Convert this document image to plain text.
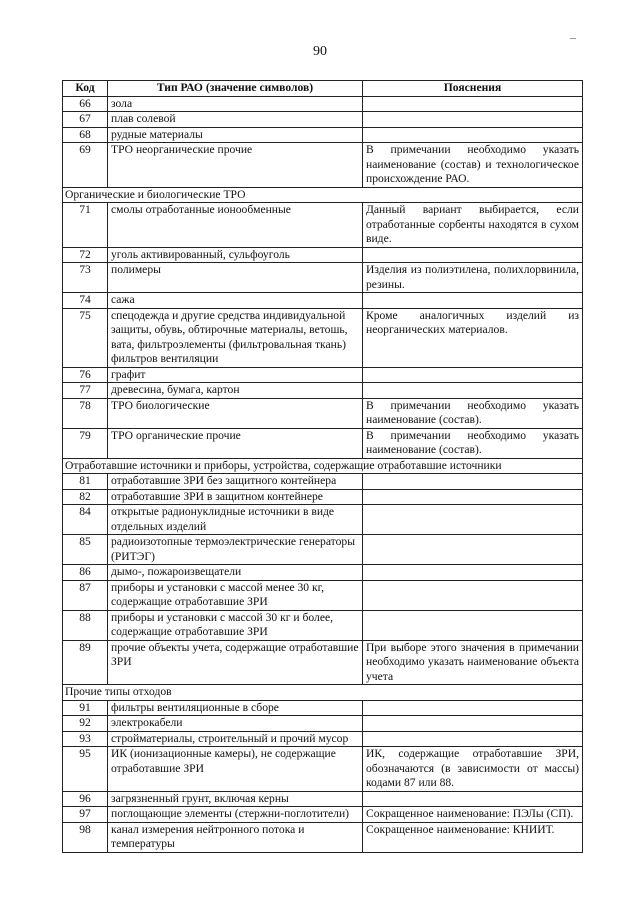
90
–
Код	Тип РАО (значение символов)	Пояснения
66	зола	
67	плав солевой	
68	рудные материалы	
69	ТРО неорганические прочие	В примечании необходимо указать наименование (состав) и технологическое происхождение РАО.
Органические и биологические ТРО		
71	смолы отработанные ионообменные	Данный вариант выбирается, если отработанные сорбенты находятся в сухом виде.
72	уголь активированный, сульфоуголь	
73	полимеры	Изделия из полиэтилена, полихлорвинила, резины.
74	сажа	
75	спецодежда и другие средства индивидуальной защиты, обувь, обтирочные материалы, ветошь, вата, фильтроэлементы (фильтровальная ткань) фильтров вентиляции	Кроме аналогичных изделий из неорганических материалов.
76	графит	
77	древесина, бумага, картон	
78	ТРО биологические	В примечании необходимо указать наименование (состав).
79	ТРО органические прочие	В примечании необходимо указать наименование (состав).
Отработавшие источники и приборы, устройства, содержащие отработавшие источники		
81	отработавшие ЗРИ без защитного контейнера	
82	отработавшие ЗРИ в защитном контейнере	
84	открытые радионуклидные источники в виде отдельных изделий	
85	радиоизотопные термоэлектрические генераторы (РИТЭГ)	
86	дымо-, пожароизвещатели	
87	приборы и установки с массой менее 30 кг, содержащие отработавшие ЗРИ	
88	приборы и установки с массой 30 кг и более, содержащие отработавшие ЗРИ	
89	прочие объекты учета, содержащие отработавшие ЗРИ	При выборе этого значения в примечании необходимо указать наименование объекта учета
Прочие типы отходов		
91	фильтры вентиляционные в сборе	
92	электрокабели	
93	стройматериалы, строительный и прочий мусор	
95	ИК (ионизационные камеры), не содержащие отработавшие ЗРИ	ИК, содержащие отработавшие ЗРИ, обозначаются (в зависимости от массы) кодами 87 или 88.
96	загрязненный грунт, включая керны	
97	поглощающие элементы (стержни-поглотители)	Сокращенное наименование: ПЭЛы (СП).
98	канал измерения нейтронного потока и температуры	Сокращенное наименование: КНИИТ.
